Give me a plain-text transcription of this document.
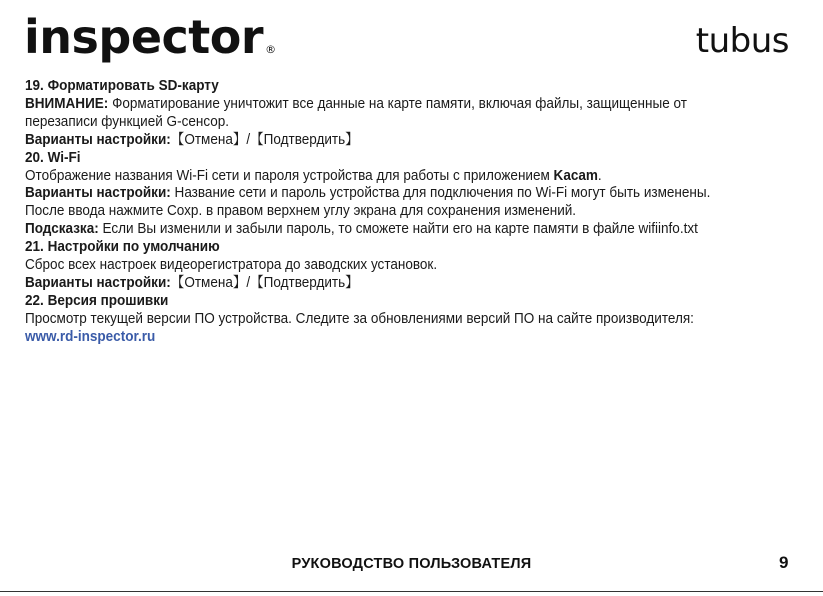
inspector ®	tubus
19. Форматировать SD-карту
ВНИМАНИЕ: Форматирование уничтожит все данные на карте памяти, включая файлы, защищенные от
перезаписи функцией G-сенсор.
Варианты настройки:【Отмена】/【Подтвердить】
20. Wi-Fi
Отображение названия Wi-Fi сети и пароля устройства для работы с приложением Kacam.
Варианты настройки: Название сети и пароль устройства для подключения по Wi-Fi могут быть изменены.
После ввода нажмите Сохр. в правом верхнем углу экрана для сохранения изменений.
Подсказка: Если Вы изменили и забыли пароль, то сможете найти его на карте памяти в файле wifiinfo.txt
21. Настройки по умолчанию
Сброс всех настроек видеорегистратора до заводских установок.
Варианты настройки:【Отмена】/【Подтвердить】
22. Версия прошивки
Просмотр текущей версии ПО устройства. Следите за обновлениями версий ПО на сайте производителя:
www.rd-inspector.ru
РУКОВОДСТВО ПОЛЬЗОВАТЕЛЯ	9
